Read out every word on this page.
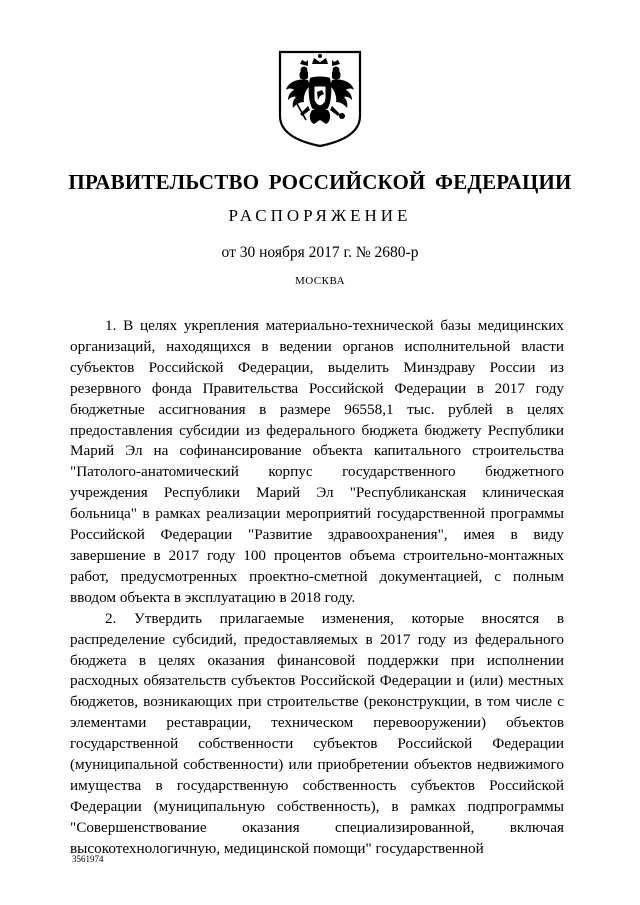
ПРАВИТЕЛЬСТВО РОССИЙСКОЙ ФЕДЕРАЦИИ
РАСПОРЯЖЕНИЕ
от 30 ноября 2017 г. № 2680-р
МОСКВА

1. В целях укрепления материально-технической базы медицинских организаций, находящихся в ведении органов исполнительной власти субъектов Российской Федерации, выделить Минздраву России из резервного фонда Правительства Российской Федерации в 2017 году бюджетные ассигнования в размере 96558,1 тыс. рублей в целях предоставления субсидии из федерального бюджета бюджету Республики Марий Эл на софинансирование объекта капитального строительства "Патолого-анатомический корпус государственного бюджетного учреждения Республики Марий Эл "Республиканская клиническая больница" в рамках реализации мероприятий государственной программы Российской Федерации "Развитие здравоохранения", имея в виду завершение в 2017 году 100 процентов объема строительно-монтажных работ, предусмотренных проектно-сметной документацией, с полным вводом объекта в эксплуатацию в 2018 году.

2. Утвердить прилагаемые изменения, которые вносятся в распределение субсидий, предоставляемых в 2017 году из федерального бюджета в целях оказания финансовой поддержки при исполнении расходных обязательств субъектов Российской Федерации и (или) местных бюджетов, возникающих при строительстве (реконструкции, в том числе с элементами реставрации, техническом перевооружении) объектов государственной собственности субъектов Российской Федерации (муниципальной собственности) или приобретении объектов недвижимого имущества в государственную собственность субъектов Российской Федерации (муниципальную собственность), в рамках подпрограммы "Совершенствование оказания специализированной, включая высокотехнологичную, медицинской помощи" государственной

3561974
